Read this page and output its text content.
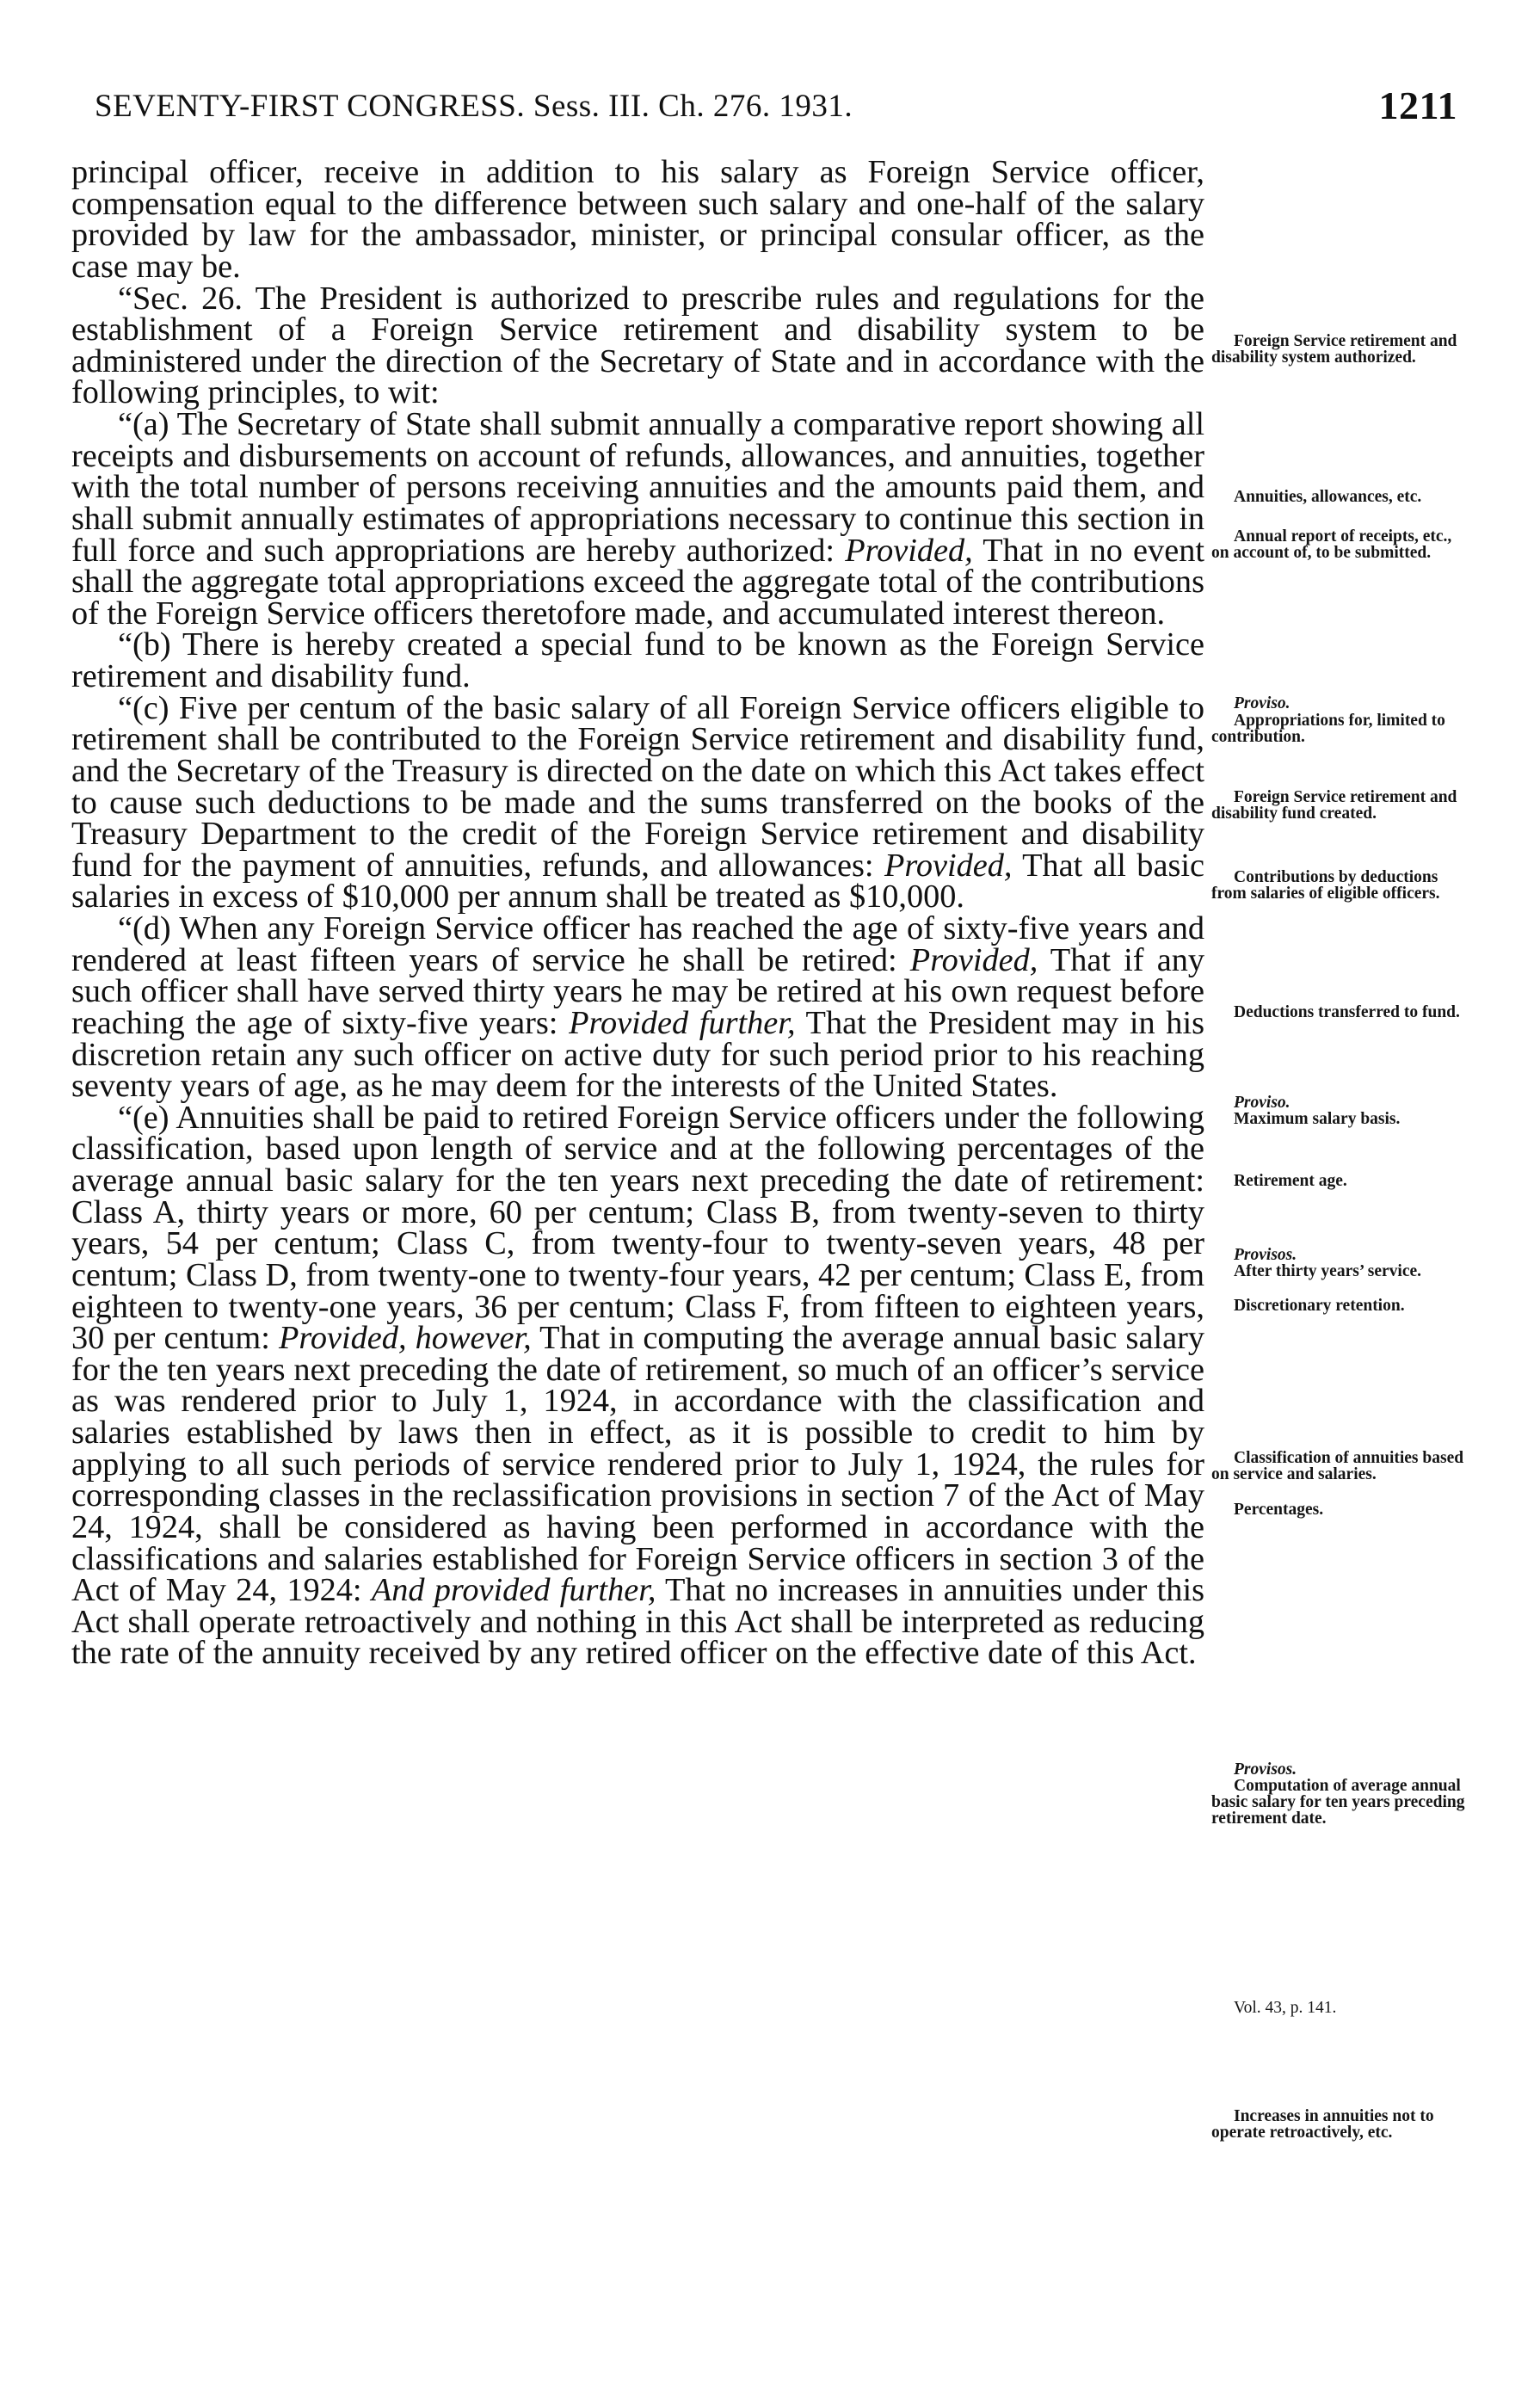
SEVENTY-FIRST CONGRESS. Sess. III. Ch. 276. 1931.	1211

principal officer, receive in addition to his salary as Foreign Service officer, compensation equal to the difference between such salary and one-half of the salary provided by law for the ambassador, minister, or principal consular officer, as the case may be.

“Sec. 26. The President is authorized to prescribe rules and regulations for the establishment of a Foreign Service retirement and disability system to be administered under the direction of the Secretary of State and in accordance with the following principles, to wit:

“(a) The Secretary of State shall submit annually a comparative report showing all receipts and disbursements on account of refunds, allowances, and annuities, together with the total number of persons receiving annuities and the amounts paid them, and shall submit annually estimates of appropriations necessary to continue this section in full force and such appropriations are hereby authorized: Provided, That in no event shall the aggregate total appropriations exceed the aggregate total of the contributions of the Foreign Service officers theretofore made, and accumulated interest thereon.

“(b) There is hereby created a special fund to be known as the Foreign Service retirement and disability fund.

“(c) Five per centum of the basic salary of all Foreign Service officers eligible to retirement shall be contributed to the Foreign Service retirement and disability fund, and the Secretary of the Treasury is directed on the date on which this Act takes effect to cause such deductions to be made and the sums transferred on the books of the Treasury Department to the credit of the Foreign Service retirement and disability fund for the payment of annuities, refunds, and allowances: Provided, That all basic salaries in excess of $10,000 per annum shall be treated as $10,000.

“(d) When any Foreign Service officer has reached the age of sixty-five years and rendered at least fifteen years of service he shall be retired: Provided, That if any such officer shall have served thirty years he may be retired at his own request before reaching the age of sixty-five years: Provided further, That the President may in his discretion retain any such officer on active duty for such period prior to his reaching seventy years of age, as he may deem for the interests of the United States.

“(e) Annuities shall be paid to retired Foreign Service officers under the following classification, based upon length of service and at the following percentages of the average annual basic salary for the ten years next preceding the date of retirement: Class A, thirty years or more, 60 per centum; Class B, from twenty-seven to thirty years, 54 per centum; Class C, from twenty-four to twenty-seven years, 48 per centum; Class D, from twenty-one to twenty-four years, 42 per centum; Class E, from eighteen to twenty-one years, 36 per centum; Class F, from fifteen to eighteen years, 30 per centum: Provided, however, That in computing the average annual basic salary for the ten years next preceding the date of retirement, so much of an officer’s service as was rendered prior to July 1, 1924, in accordance with the classification and salaries established by laws then in effect, as it is possible to credit to him by applying to all such periods of service rendered prior to July 1, 1924, the rules for corresponding classes in the reclassification provisions in section 7 of the Act of May 24, 1924, shall be considered as having been performed in accordance with the classifications and salaries established for Foreign Service officers in section 3 of the Act of May 24, 1924: And provided further, That no increases in annuities under this Act shall operate retroactively and nothing in this Act shall be interpreted as reducing the rate of the annuity received by any retired officer on the effective date of this Act.

Foreign Service retirement and disability system authorized.
Annuities, allowances, etc.
Annual report of receipts, etc., on account of, to be submitted.
Proviso.
Appropriations for, limited to contribution.
Foreign Service retirement and disability fund created.
Contributions by deductions from salaries of eligible officers.
Deductions transferred to fund.
Proviso.
Maximum salary basis.
Retirement age.
Provisos.
After thirty years’ service.
Discretionary retention.
Classification of annuities based on service and salaries.
Percentages.
Provisos.
Computation of average annual basic salary for ten years preceding retirement date.
Vol. 43, p. 141.
Increases in annuities not to operate retroactively, etc.
